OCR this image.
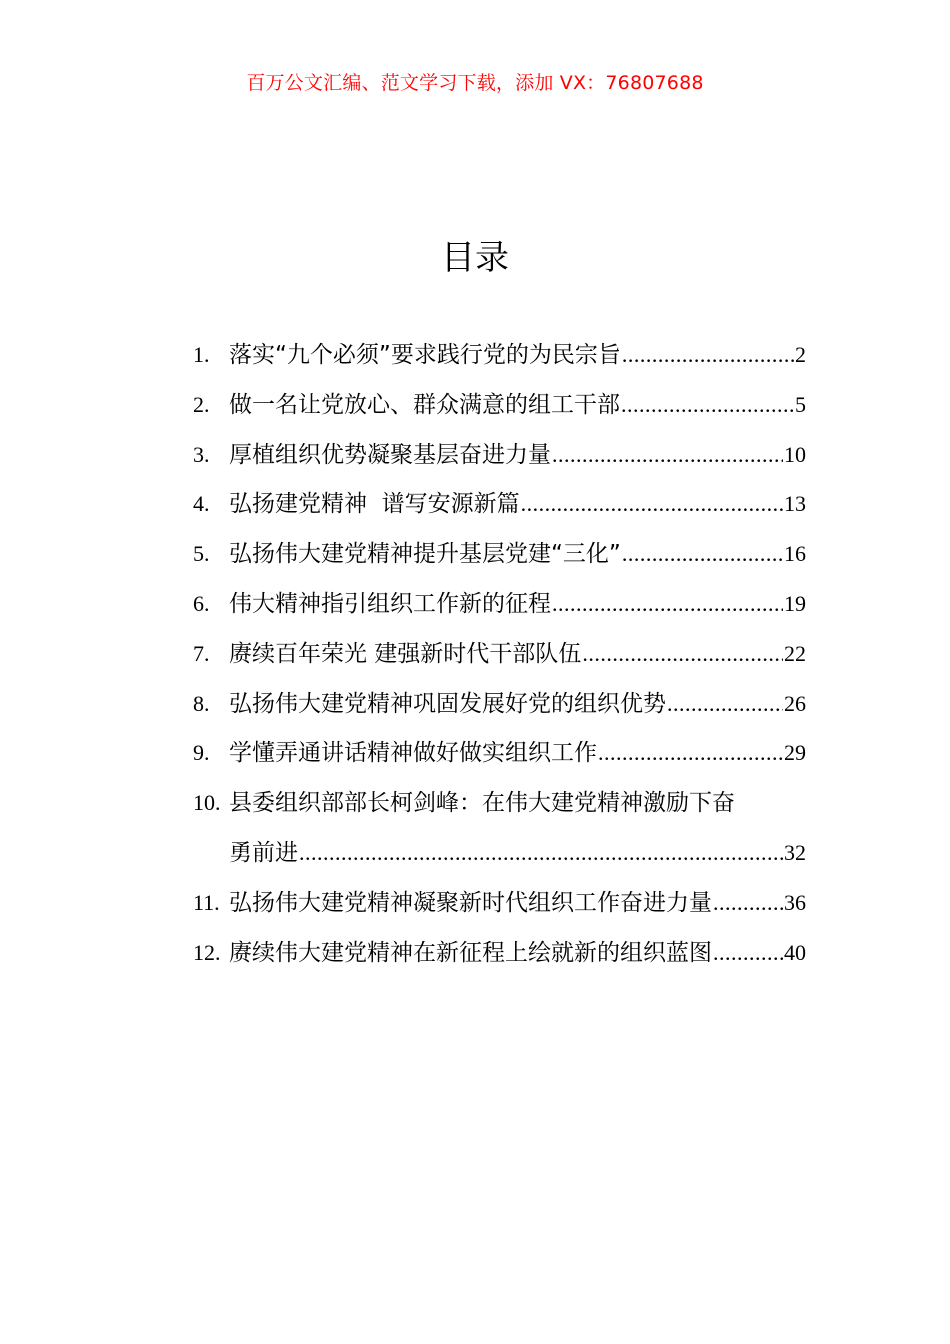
百万公文汇编、范文学习下载，添加 VX：76807688
目录
1. 落实“九个必须”要求践行党的为民宗旨 .....	2
2. 做一名让党放心、群众满意的组工干部 .....	5
3. 厚植组织优势凝聚基层奋进力量 .....	10
4. 弘扬建党精神  谱写安源新篇 .....	13
5. 弘扬伟大建党精神提升基层党建“三化” .....	16
6. 伟大精神指引组织工作新的征程 .....	19
7. 赓续百年荣光 建强新时代干部队伍 .....	22
8. 弘扬伟大建党精神巩固发展好党的组织优势 .....	26
9. 学懂弄通讲话精神做好做实组织工作 .....	29
10. 县委组织部部长柯剑峰：在伟大建党精神激励下奋
勇前进 .....	32
11. 弘扬伟大建党精神凝聚新时代组织工作奋进力量 .....	36
12. 赓续伟大建党精神在新征程上绘就新的组织蓝图 .....	40
